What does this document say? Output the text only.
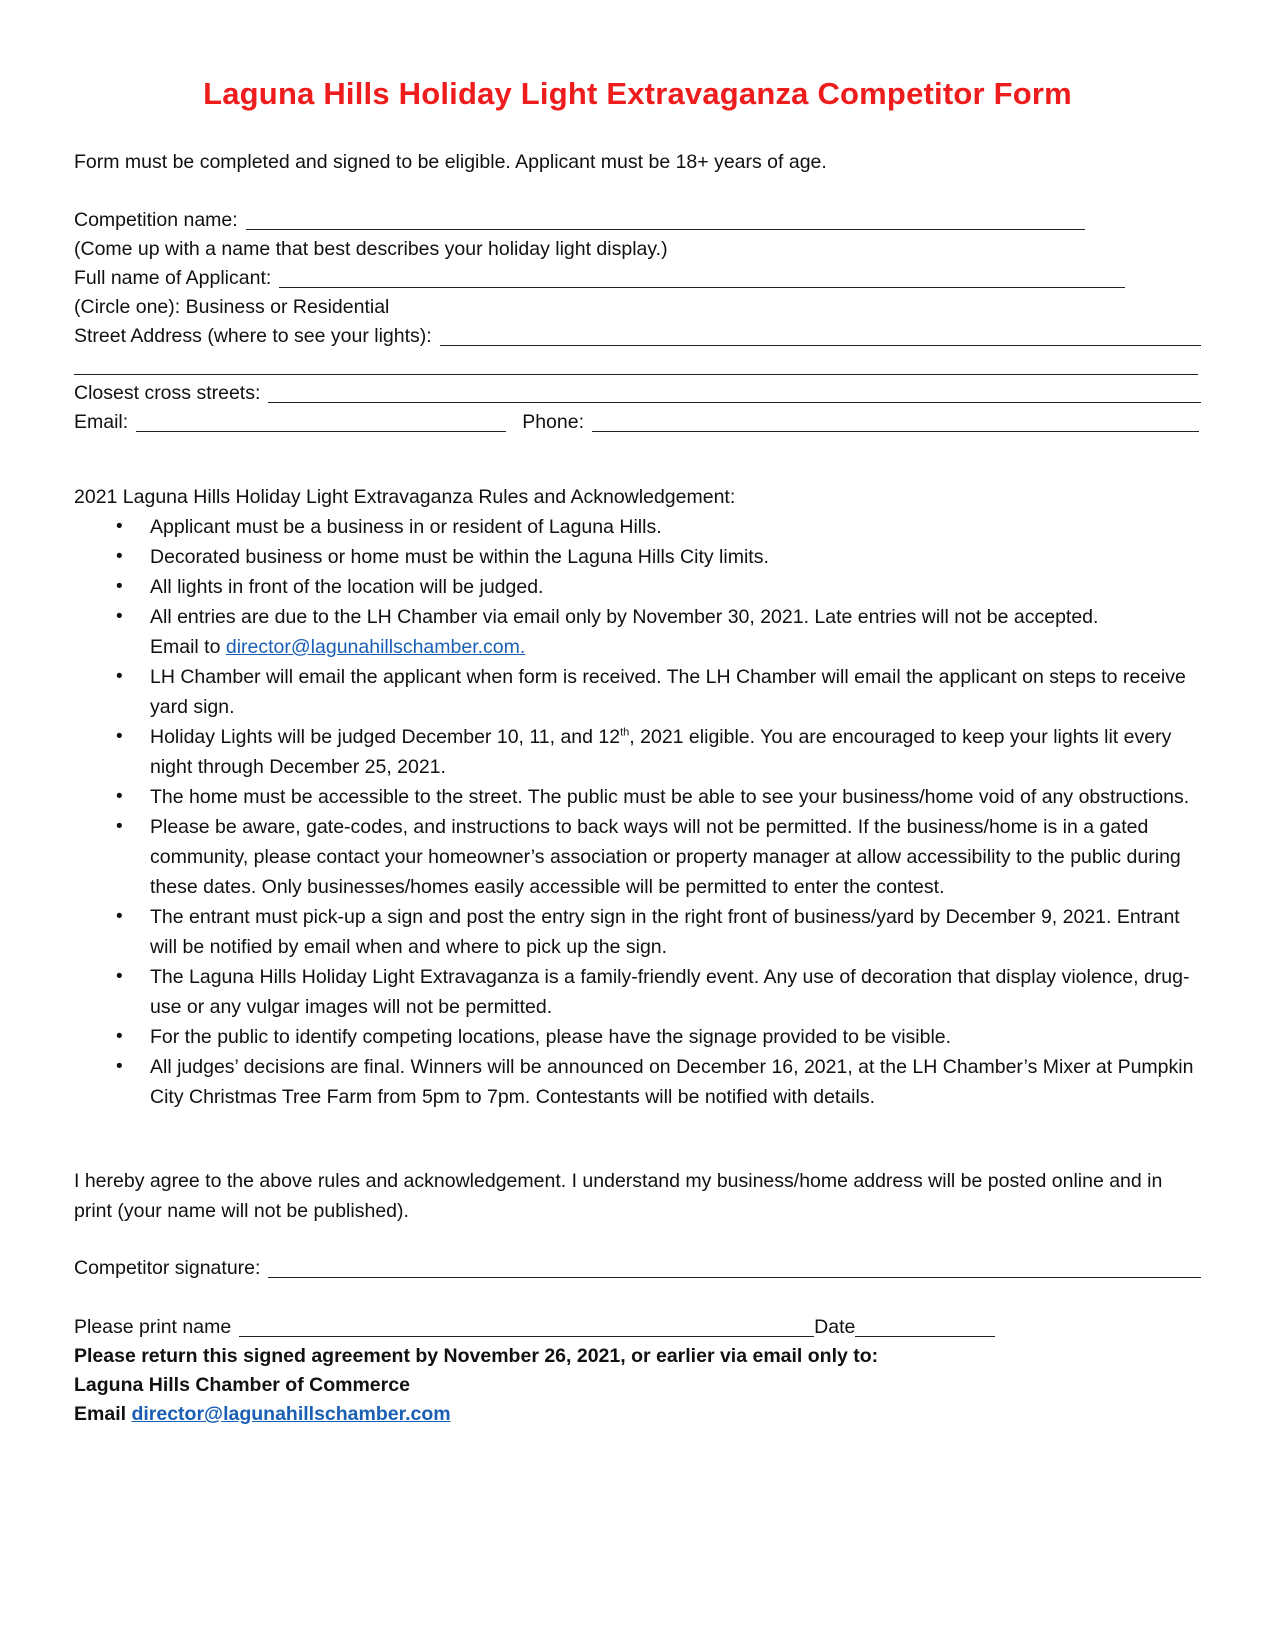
Laguna Hills Holiday Light Extravaganza Competitor Form
Form must be completed and signed to be eligible. Applicant must be 18+ years of age.
Competition name:
(Come up with a name that best describes your holiday light display.)
Full name of Applicant:
(Circle one): Business or Residential
Street Address (where to see your lights):
Closest cross streets:
Email:	Phone:
2021 Laguna Hills Holiday Light Extravaganza Rules and Acknowledgement:
• Applicant must be a business in or resident of Laguna Hills.
• Decorated business or home must be within the Laguna Hills City limits.
• All lights in front of the location will be judged.
• All entries are due to the LH Chamber via email only by November 30, 2021. Late entries will not be accepted.
Email to director@lagunahillschamber.com.
• LH Chamber will email the applicant when form is received. The LH Chamber will email the applicant on steps to receive yard sign.
• Holiday Lights will be judged December 10, 11, and 12th, 2021 eligible. You are encouraged to keep your lights lit every night through December 25, 2021.
• The home must be accessible to the street. The public must be able to see your business/home void of any obstructions.
• Please be aware, gate-codes, and instructions to back ways will not be permitted. If the business/home is in a gated community, please contact your homeowner’s association or property manager at allow accessibility to the public during these dates. Only businesses/homes easily accessible will be permitted to enter the contest.
• The entrant must pick-up a sign and post the entry sign in the right front of business/yard by December 9, 2021. Entrant will be notified by email when and where to pick up the sign.
• The Laguna Hills Holiday Light Extravaganza is a family-friendly event. Any use of decoration that display violence, drug-use or any vulgar images will not be permitted.
• For the public to identify competing locations, please have the signage provided to be visible.
• All judges’ decisions are final. Winners will be announced on December 16, 2021, at the LH Chamber’s Mixer at Pumpkin City Christmas Tree Farm from 5pm to 7pm. Contestants will be notified with details.
I hereby agree to the above rules and acknowledgement. I understand my business/home address will be posted online and in print (your name will not be published).
Competitor signature:
Please print name	Date
Please return this signed agreement by November 26, 2021, or earlier via email only to:
Laguna Hills Chamber of Commerce
Email director@lagunahillschamber.com
